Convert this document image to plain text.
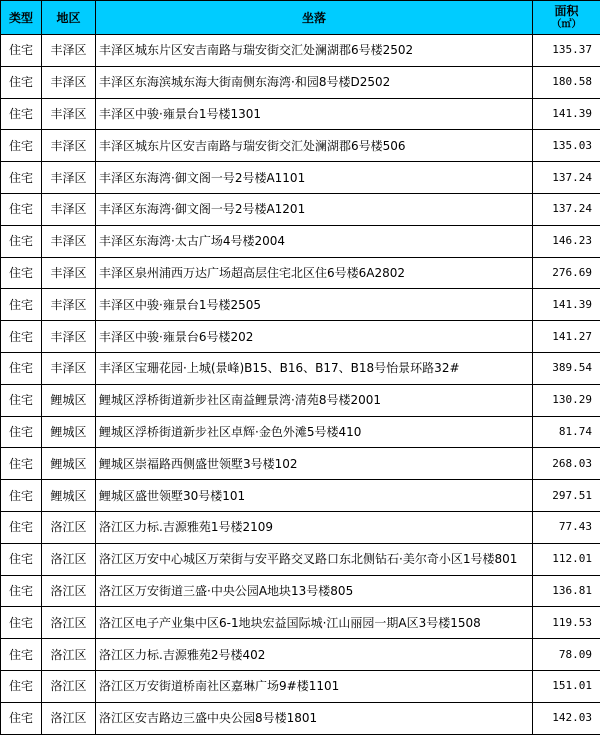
类型	地区	坐落	面积
（㎡）

住宅	丰泽区	丰泽区城东片区安吉南路与瑞安街交汇处澜湖郡6号楼2502	135.37
住宅	丰泽区	丰泽区东海滨城东海大街南侧东海湾·和园8号楼D2502	180.58
住宅	丰泽区	丰泽区中骏·雍景台1号楼1301	141.39
住宅	丰泽区	丰泽区城东片区安吉南路与瑞安街交汇处澜湖郡6号楼506	135.03
住宅	丰泽区	丰泽区东海湾·御文阁一号2号楼A1101	137.24
住宅	丰泽区	丰泽区东海湾·御文阁一号2号楼A1201	137.24
住宅	丰泽区	丰泽区东海湾·太古广场4号楼2004	146.23
住宅	丰泽区	丰泽区泉州浦西万达广场超高层住宅北区住6号楼6A2802	276.69
住宅	丰泽区	丰泽区中骏·雍景台1号楼2505	141.39
住宅	丰泽区	丰泽区中骏·雍景台6号楼202	141.27
住宅	丰泽区	丰泽区宝珊花园·上城(景峰)B15、B16、B17、B18号怡景环路32#	389.54
住宅	鲤城区	鲤城区浮桥街道新步社区南益鲤景湾·清苑8号楼2001	130.29
住宅	鲤城区	鲤城区浮桥街道新步社区卓辉·金色外滩5号楼410	81.74
住宅	鲤城区	鲤城区崇福路西侧盛世领墅3号楼102	268.03
住宅	鲤城区	鲤城区盛世领墅30号楼101	297.51
住宅	洛江区	洛江区力标.吉源雅苑1号楼2109	77.43
住宅	洛江区	洛江区万安中心城区万荣街与安平路交叉路口东北侧钻石·美尔奇小区1号楼801	112.01
住宅	洛江区	洛江区万安街道三盛·中央公园A地块13号楼805	136.81
住宅	洛江区	洛江区电子产业集中区6-1地块宏益国际城·江山丽园一期A区3号楼1508	119.53
住宅	洛江区	洛江区力标.吉源雅苑2号楼402	78.09
住宅	洛江区	洛江区万安街道桥南社区嘉琳广场9#楼1101	151.01
住宅	洛江区	洛江区安吉路边三盛中央公园8号楼1801	142.03
